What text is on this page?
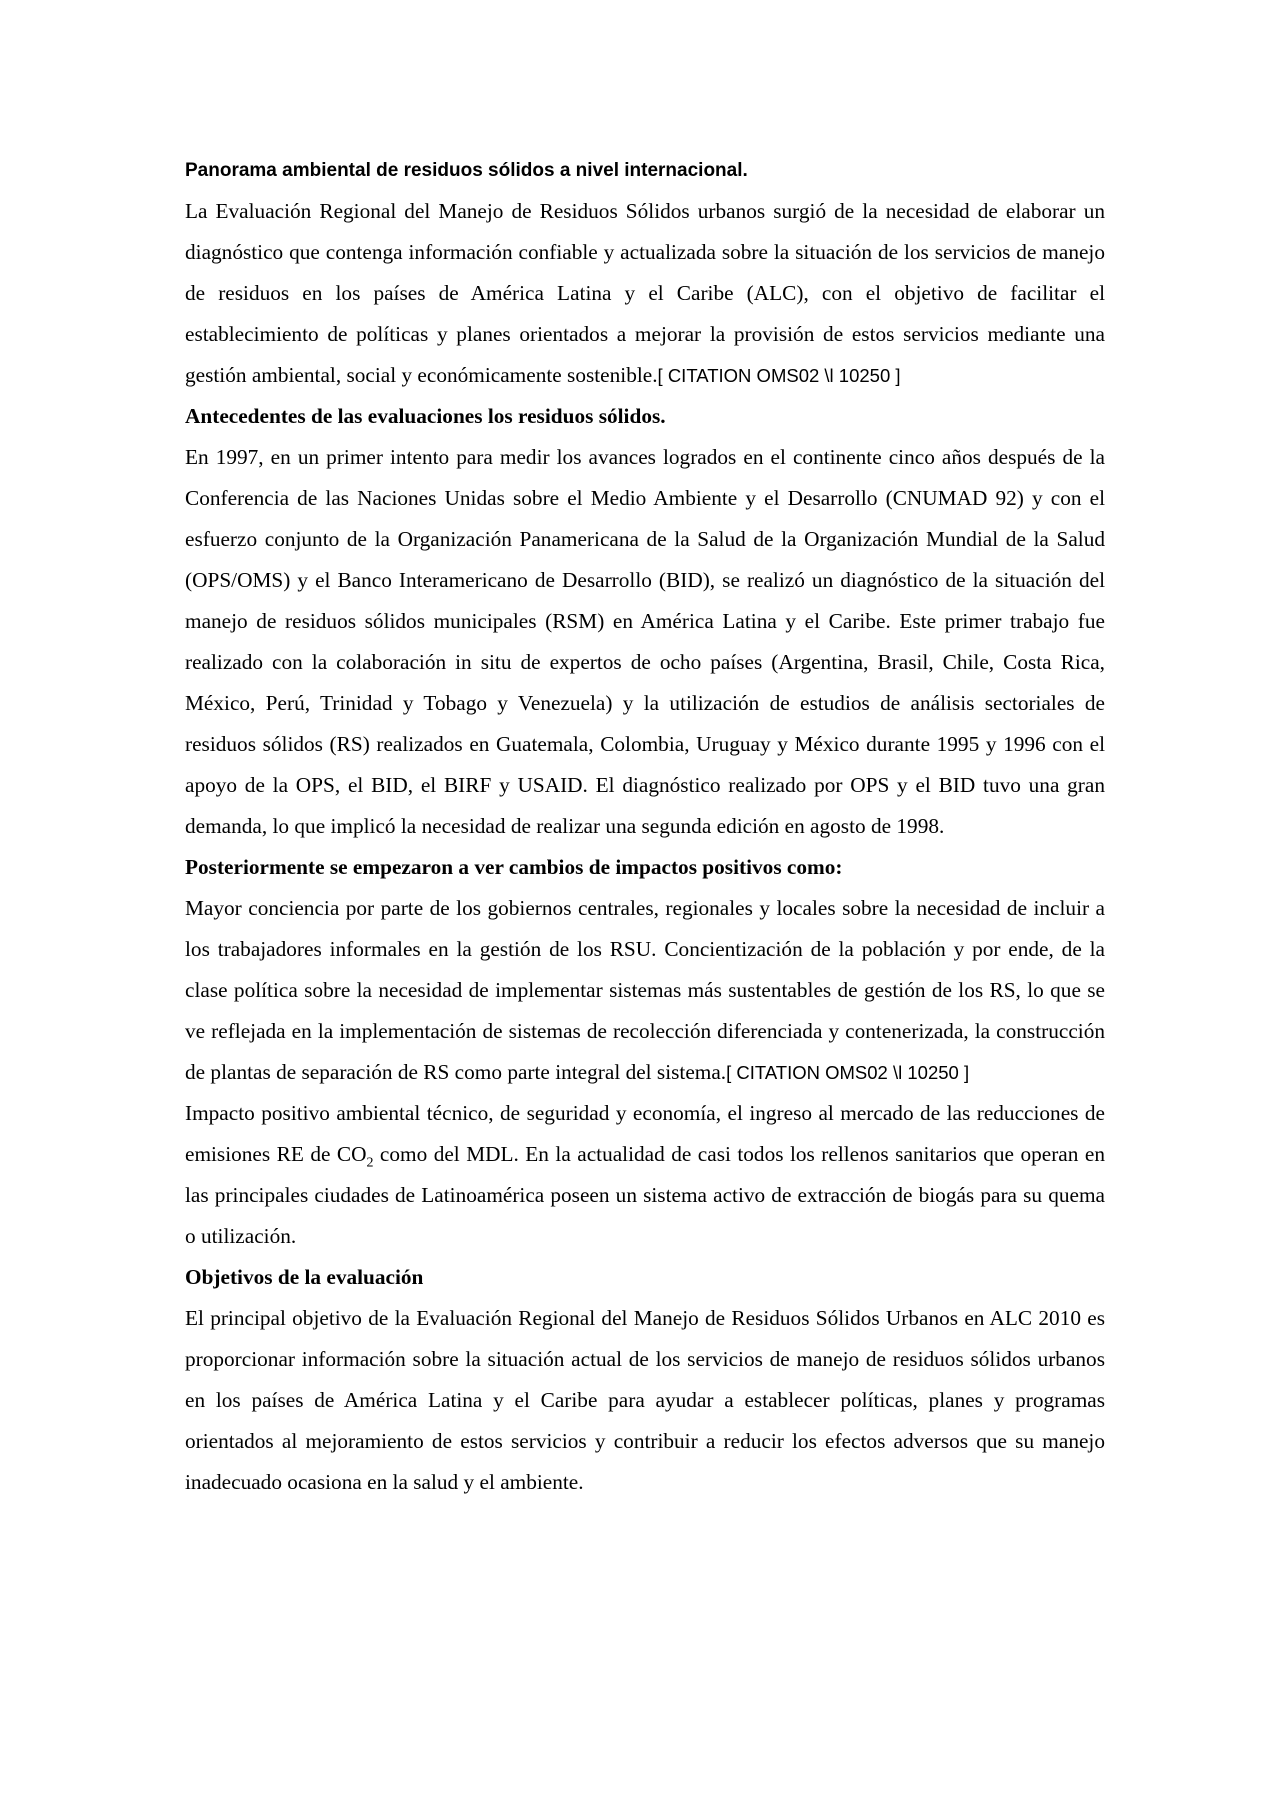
Panorama ambiental de residuos sólidos a nivel internacional.

La Evaluación Regional del Manejo de Residuos Sólidos urbanos surgió de la necesidad de elaborar un diagnóstico que contenga información confiable y actualizada sobre la situación de los servicios de manejo de residuos en los países de América Latina y el Caribe (ALC), con el objetivo de facilitar el establecimiento de políticas y planes orientados a mejorar la provisión de estos servicios mediante una gestión ambiental, social y económicamente sostenible.[ CITATION OMS02 \l 10250 ]

Antecedentes de las evaluaciones los residuos sólidos.

En 1997, en un primer intento para medir los avances logrados en el continente cinco años después de la Conferencia de las Naciones Unidas sobre el Medio Ambiente y el Desarrollo (CNUMAD 92) y con el esfuerzo conjunto de la Organización Panamericana de la Salud de la Organización Mundial de la Salud (OPS/OMS) y el Banco Interamericano de Desarrollo (BID), se realizó un diagnóstico de la situación del manejo de residuos sólidos municipales (RSM) en América Latina y el Caribe. Este primer trabajo fue realizado con la colaboración in situ de expertos de ocho países (Argentina, Brasil, Chile, Costa Rica, México, Perú, Trinidad y Tobago y Venezuela) y la utilización de estudios de análisis sectoriales de residuos sólidos (RS) realizados en Guatemala, Colombia, Uruguay y México durante 1995 y 1996 con el apoyo de la OPS, el BID, el BIRF y USAID. El diagnóstico realizado por OPS y el BID tuvo una gran demanda, lo que implicó la necesidad de realizar una segunda edición en agosto de 1998.

Posteriormente se empezaron a ver cambios de impactos positivos como:

Mayor conciencia por parte de los gobiernos centrales, regionales y locales sobre la necesidad de incluir a los trabajadores informales en la gestión de los RSU. Concientización de la población y por ende, de la clase política sobre la necesidad de implementar sistemas más sustentables de gestión de los RS, lo que se ve reflejada en la implementación de sistemas de recolección diferenciada y contenerizada, la construcción de plantas de separación de RS como parte integral del sistema.[ CITATION OMS02 \l 10250 ]

Impacto positivo ambiental técnico, de seguridad y economía, el ingreso al mercado de las reducciones de emisiones RE de $CO_2$ como del MDL. En la actualidad de casi todos los rellenos sanitarios que operan en las principales ciudades de Latinoamérica poseen un sistema activo de extracción de biogás para su quema o utilización.

Objetivos de la evaluación

El principal objetivo de la Evaluación Regional del Manejo de Residuos Sólidos Urbanos en ALC 2010 es proporcionar información sobre la situación actual de los servicios de manejo de residuos sólidos urbanos en los países de América Latina y el Caribe para ayudar a establecer políticas, planes y programas orientados al mejoramiento de estos servicios y contribuir a reducir los efectos adversos que su manejo inadecuado ocasiona en la salud y el ambiente.
